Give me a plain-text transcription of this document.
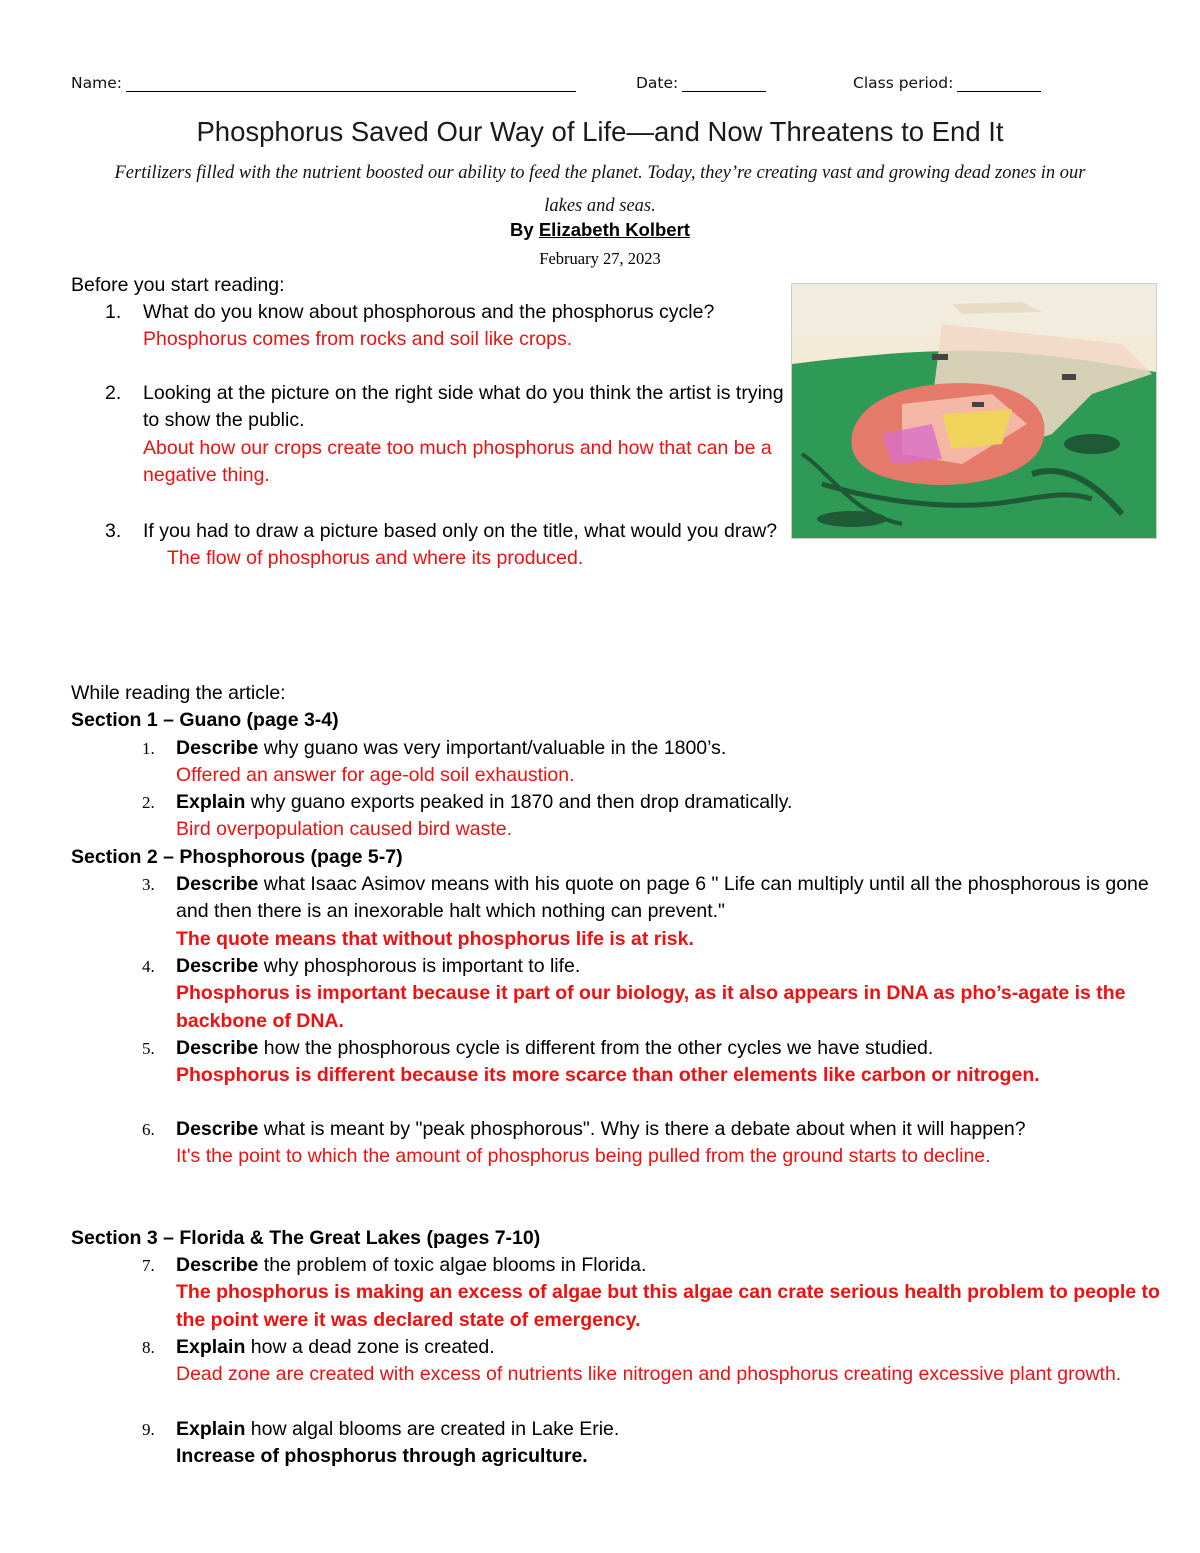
Name:	Date:	Class period:
Phosphorus Saved Our Way of Life—and Now Threatens to End It
Fertilizers filled with the nutrient boosted our ability to feed the planet. Today, they’re creating vast and growing dead zones in our lakes and seas.
By Elizabeth Kolbert
February 27, 2023
Before you start reading:
1. What do you know about phosphorous and the phosphorus cycle?
Phosphorus comes from rocks and soil like crops.
2. Looking at the picture on the right side what do you think the artist is trying to show the public.
About how our crops create too much phosphorus and how that can be a negative thing.
3. If you had to draw a picture based only on the title, what would you draw?
The flow of phosphorus and where its produced.
While reading the article:
Section 1 – Guano (page 3-4)
1. Describe why guano was very important/valuable in the 1800’s.
Offered an answer for age-old soil exhaustion.
2. Explain why guano exports peaked in 1870 and then drop dramatically.
Bird overpopulation caused bird waste.
Section 2 – Phosphorous (page 5-7)
3. Describe what Isaac Asimov means with his quote on page 6 " Life can multiply until all the phosphorous is gone and then there is an inexorable halt which nothing can prevent."
The quote means that without phosphorus life is at risk.
4. Describe why phosphorous is important to life.
Phosphorus is important because it part of our biology, as it also appears in DNA as pho’s-agate is the backbone of DNA.
5. Describe how the phosphorous cycle is different from the other cycles we have studied.
Phosphorus is different because its more scarce than other elements like carbon or nitrogen.
6. Describe what is meant by "peak phosphorous". Why is there a debate about when it will happen?
It's the point to which the amount of phosphorus being pulled from the ground starts to decline.
Section 3 – Florida & The Great Lakes (pages 7-10)
7. Describe the problem of toxic algae blooms in Florida.
The phosphorus is making an excess of algae but this algae can crate serious health problem to people to the point were it was declared state of emergency.
8. Explain how a dead zone is created.
Dead zone are created with excess of nutrients like nitrogen and phosphorus creating excessive plant growth.
9. Explain how algal blooms are created in Lake Erie.
Increase of phosphorus through agriculture.
